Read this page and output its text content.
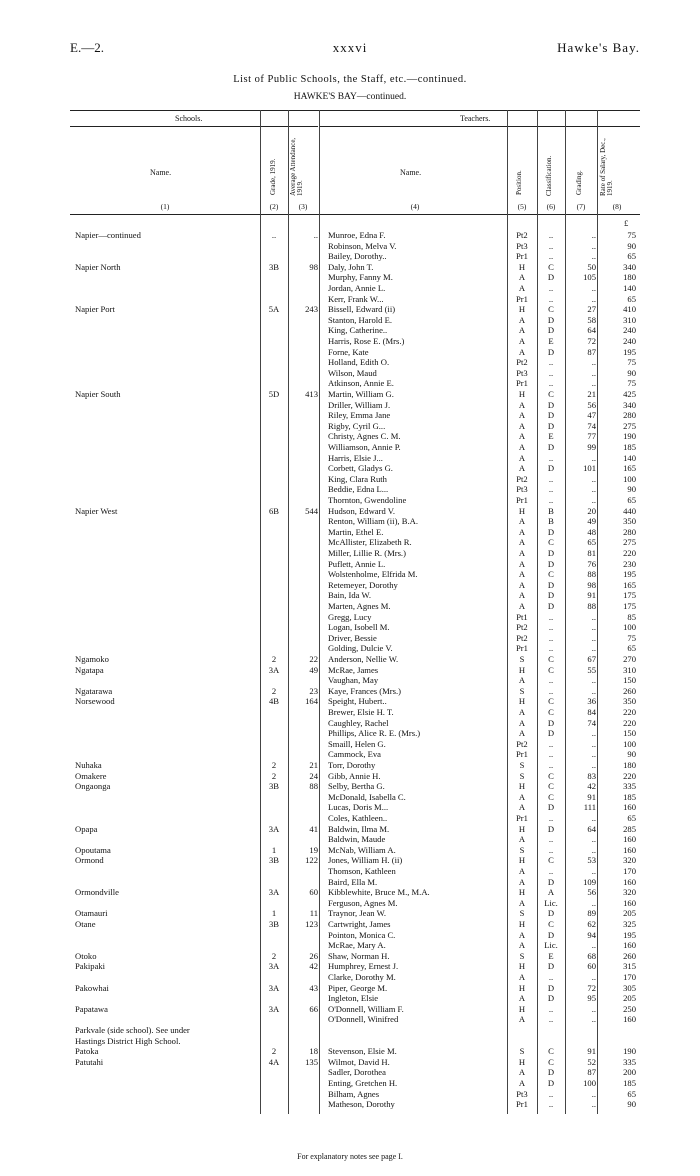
E.—2.	xxxvi	Hawke's Bay.
List of Public Schools, the Staff, etc.—continued.
HAWKE'S BAY—continued.
Schools.	Teachers.
Name.	Grade, 1919. Average Attendance, 1919.
Name.	Position.	Classification.	Grading. Rate of Salary, Dec., 1919.
(1)	(2)	(3)	(4)	(5)	(6)	(7)	(8)
£
Napier—continued	..	.. Munroe, Edna F.	Pt2	..	..	75
Robinson, Melva V.	Pt3	..	..	90
Bailey, Dorothy..	Pr1	..	..	65
Napier North	3B	98 Daly, John T.	H	C	50	340
Murphy, Fanny M.	A	D	105	180
Jordan, Annie L.	A	..	..	140
Kerr, Frank W...	Pr1	..	..	65
Napier Port	5A	243 Bissell, Edward (ii)	H	C	27	410
Stanton, Harold E.	A	D	58	310
King, Catherine..	A	D	64	240
Harris, Rose E. (Mrs.)	A	E	72	240
Forne, Kate	A	D	87	195
Holland, Edith O.	Pt2	..	..	75
Wilson, Maud	Pt3	..	..	90
Atkinson, Annie E.	Pr1	..	..	75
Napier South	5D	413 Martin, William G.	H	C	21	425
Driller, William J.	A	D	56	340
Riley, Emma Jane	A	D	47	280
Rigby, Cyril G...	A	D	74	275
Christy, Agnes C. M.	A	E	77	190
Williamson, Annie P.	A	D	99	185
Harris, Elsie J...	A	..	..	140
Corbett, Gladys G.	A	D	101	165
King, Clara Ruth	Pt2	..	..	100
Beddie, Edna L...	Pt3	..	..	90
Thornton, Gwendoline	Pr1	..	..	65
Napier West	6B	544 Hudson, Edward V.	H	B	20	440
Renton, William (ii), B.A.	A	B	49	350
Martin, Ethel E.	A	D	48	280
McAllister, Elizabeth R.	A	C	65	275
Miller, Lillie R. (Mrs.)	A	D	81	220
Puflett, Annie L.	A	D	76	230
Wolstenholme, Elfrida M.	A	C	88	195
Retemeyer, Dorothy	A	D	98	165
Bain, Ida W.	A	D	91	175
Marten, Agnes M.	A	D	88	175
Gregg, Lucy	Pt1	..	..	85
Logan, Isobell M.	Pt2	..	..	100
Driver, Bessie	Pt2	..	..	75
Golding, Dulcie V.	Pr1	..	..	65
Ngamoko	2	22 Anderson, Nellie W.	S	C	67	270
Ngatapa	3A	49 McRae, James	H	C	55	310
Vaughan, May	A	..	..	150
Ngatarawa	2	23 Kaye, Frances (Mrs.)	S	..	..	260
Norsewood	4B	164 Speight, Hubert..	H	C	36	350
Brewer, Elsie H. T.	A	C	84	220
Caughley, Rachel	A	D	74	220
Phillips, Alice R. E. (Mrs.)	A	D	..	150
Smaill, Helen G.	Pt2	..	..	100
Cammock, Eva	Pr1	..	..	90
Nuhaka	2	21 Torr, Dorothy	S	..	..	180
Omakere	2	24 Gibb, Annie H.	S	C	83	220
Ongaonga	3B	88 Selby, Bertha G.	H	C	42	335
McDonald, Isabella C.	A	C	91	185
Lucas, Doris M...	A	D	111	160
Coles, Kathleen..	Pr1	..	..	65
Opapa	3A	41 Baldwin, Ilma M.	H	D	64	285
Baldwin, Maude	A	..	..	160
Opoutama	1	19 McNab, William A.	S	..	..	160
Ormond	3B	122 Jones, William H. (ii)	H	C	53	320
Thomson, Kathleen	A	..	..	170
Baird, Ella M.	A	D	109	160
Ormondville	3A	60 Kibblewhite, Bruce M., M.A.	H	A	56	320
Ferguson, Agnes M.	A	Lic.	..	160
Otamauri	1	11 Traynor, Jean W.	S	D	89	205
Otane	3B	123 Cartwright, James	H	C	62	325
Pointon, Monica C.	A	D	94	195
McRae, Mary A.	A	Lic.	..	160
Otoko	2	26 Shaw, Norman H.	S	E	68	260
Pakipaki	3A	42 Humphrey, Ernest J.	H	D	60	315
Clarke, Dorothy M.	A	..	..	170
Pakowhai	3A	43 Piper, George M.	H	D	72	305
Ingleton, Elsie	A	D	95	205
Papatawa	3A	66 O'Donnell, William F.	H	..	..	250
O'Donnell, Winifred	A	..	..	160
Parkvale (side school). See under
Hastings District High School.
Patoka	2	18 Stevenson, Elsie M.	S	C	91	190
Patutahi	4A	135 Wilmot, David H.	H	C	52	335
Sadler, Dorothea	A	D	87	200
Enting, Gretchen H.	A	D	100	185
Bilham, Agnes	Pt3	..	..	65
Matheson, Dorothy	Pr1	..	..	90
For explanatory notes see page I.
